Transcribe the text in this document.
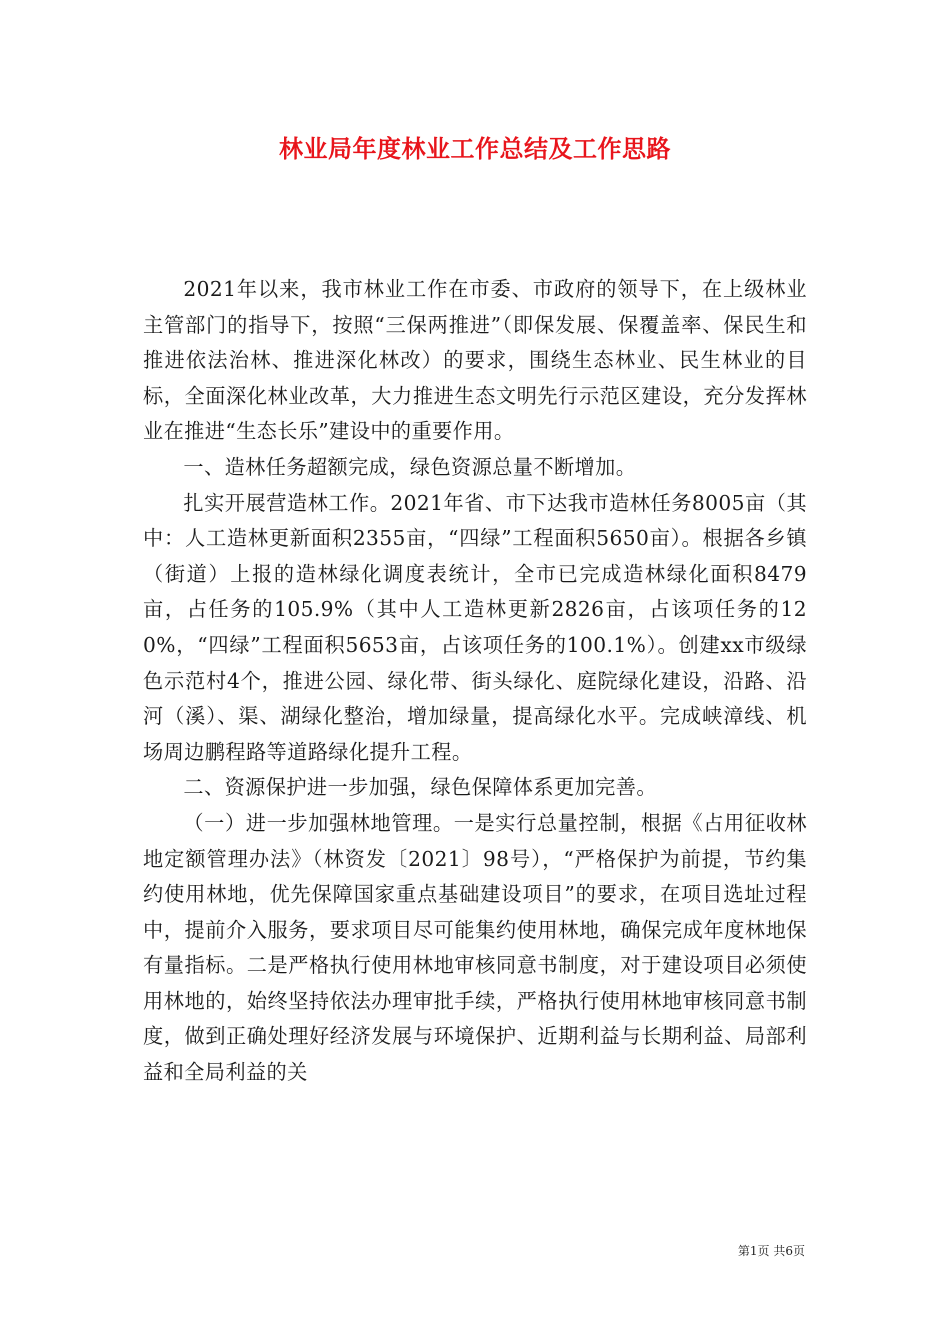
林业局年度林业工作总结及工作思路

2021年以来，我市林业工作在市委、市政府的领导下，在上级林业主管部门的指导下，按照“三保两推进”（即保发展、保覆盖率、保民生和推进依法治林、推进深化林改）的要求，围绕生态林业、民生林业的目标，全面深化林业改革，大力推进生态文明先行示范区建设，充分发挥林业在推进“生态长乐”建设中的重要作用。

一、造林任务超额完成，绿色资源总量不断增加。

扎实开展营造林工作。2021年省、市下达我市造林任务8005亩（其中：人工造林更新面积2355亩，“四绿”工程面积5650亩）。根据各乡镇（街道）上报的造林绿化调度表统计，全市已完成造林绿化面积8479亩，占任务的105.9%（其中人工造林更新2826亩，占该项任务的120%，“四绿”工程面积5653亩，占该项任务的100.1%）。创建xx市级绿色示范村4个，推进公园、绿化带、街头绿化、庭院绿化建设，沿路、沿河（溪）、渠、湖绿化整治，增加绿量，提高绿化水平。完成峡漳线、机场周边鹏程路等道路绿化提升工程。

二、资源保护进一步加强，绿色保障体系更加完善。

（一）进一步加强林地管理。一是实行总量控制，根据《占用征收林地定额管理办法》（林资发〔2021〕98号），“严格保护为前提，节约集约使用林地，优先保障国家重点基础建设项目”的要求，在项目选址过程中，提前介入服务，要求项目尽可能集约使用林地，确保完成年度林地保有量指标。二是严格执行使用林地审核同意书制度，对于建设项目必须使用林地的，始终坚持依法办理审批手续，严格执行使用林地审核同意书制度，做到正确处理好经济发展与环境保护、近期利益与长期利益、局部利益和全局利益的关

第1页 共6页
